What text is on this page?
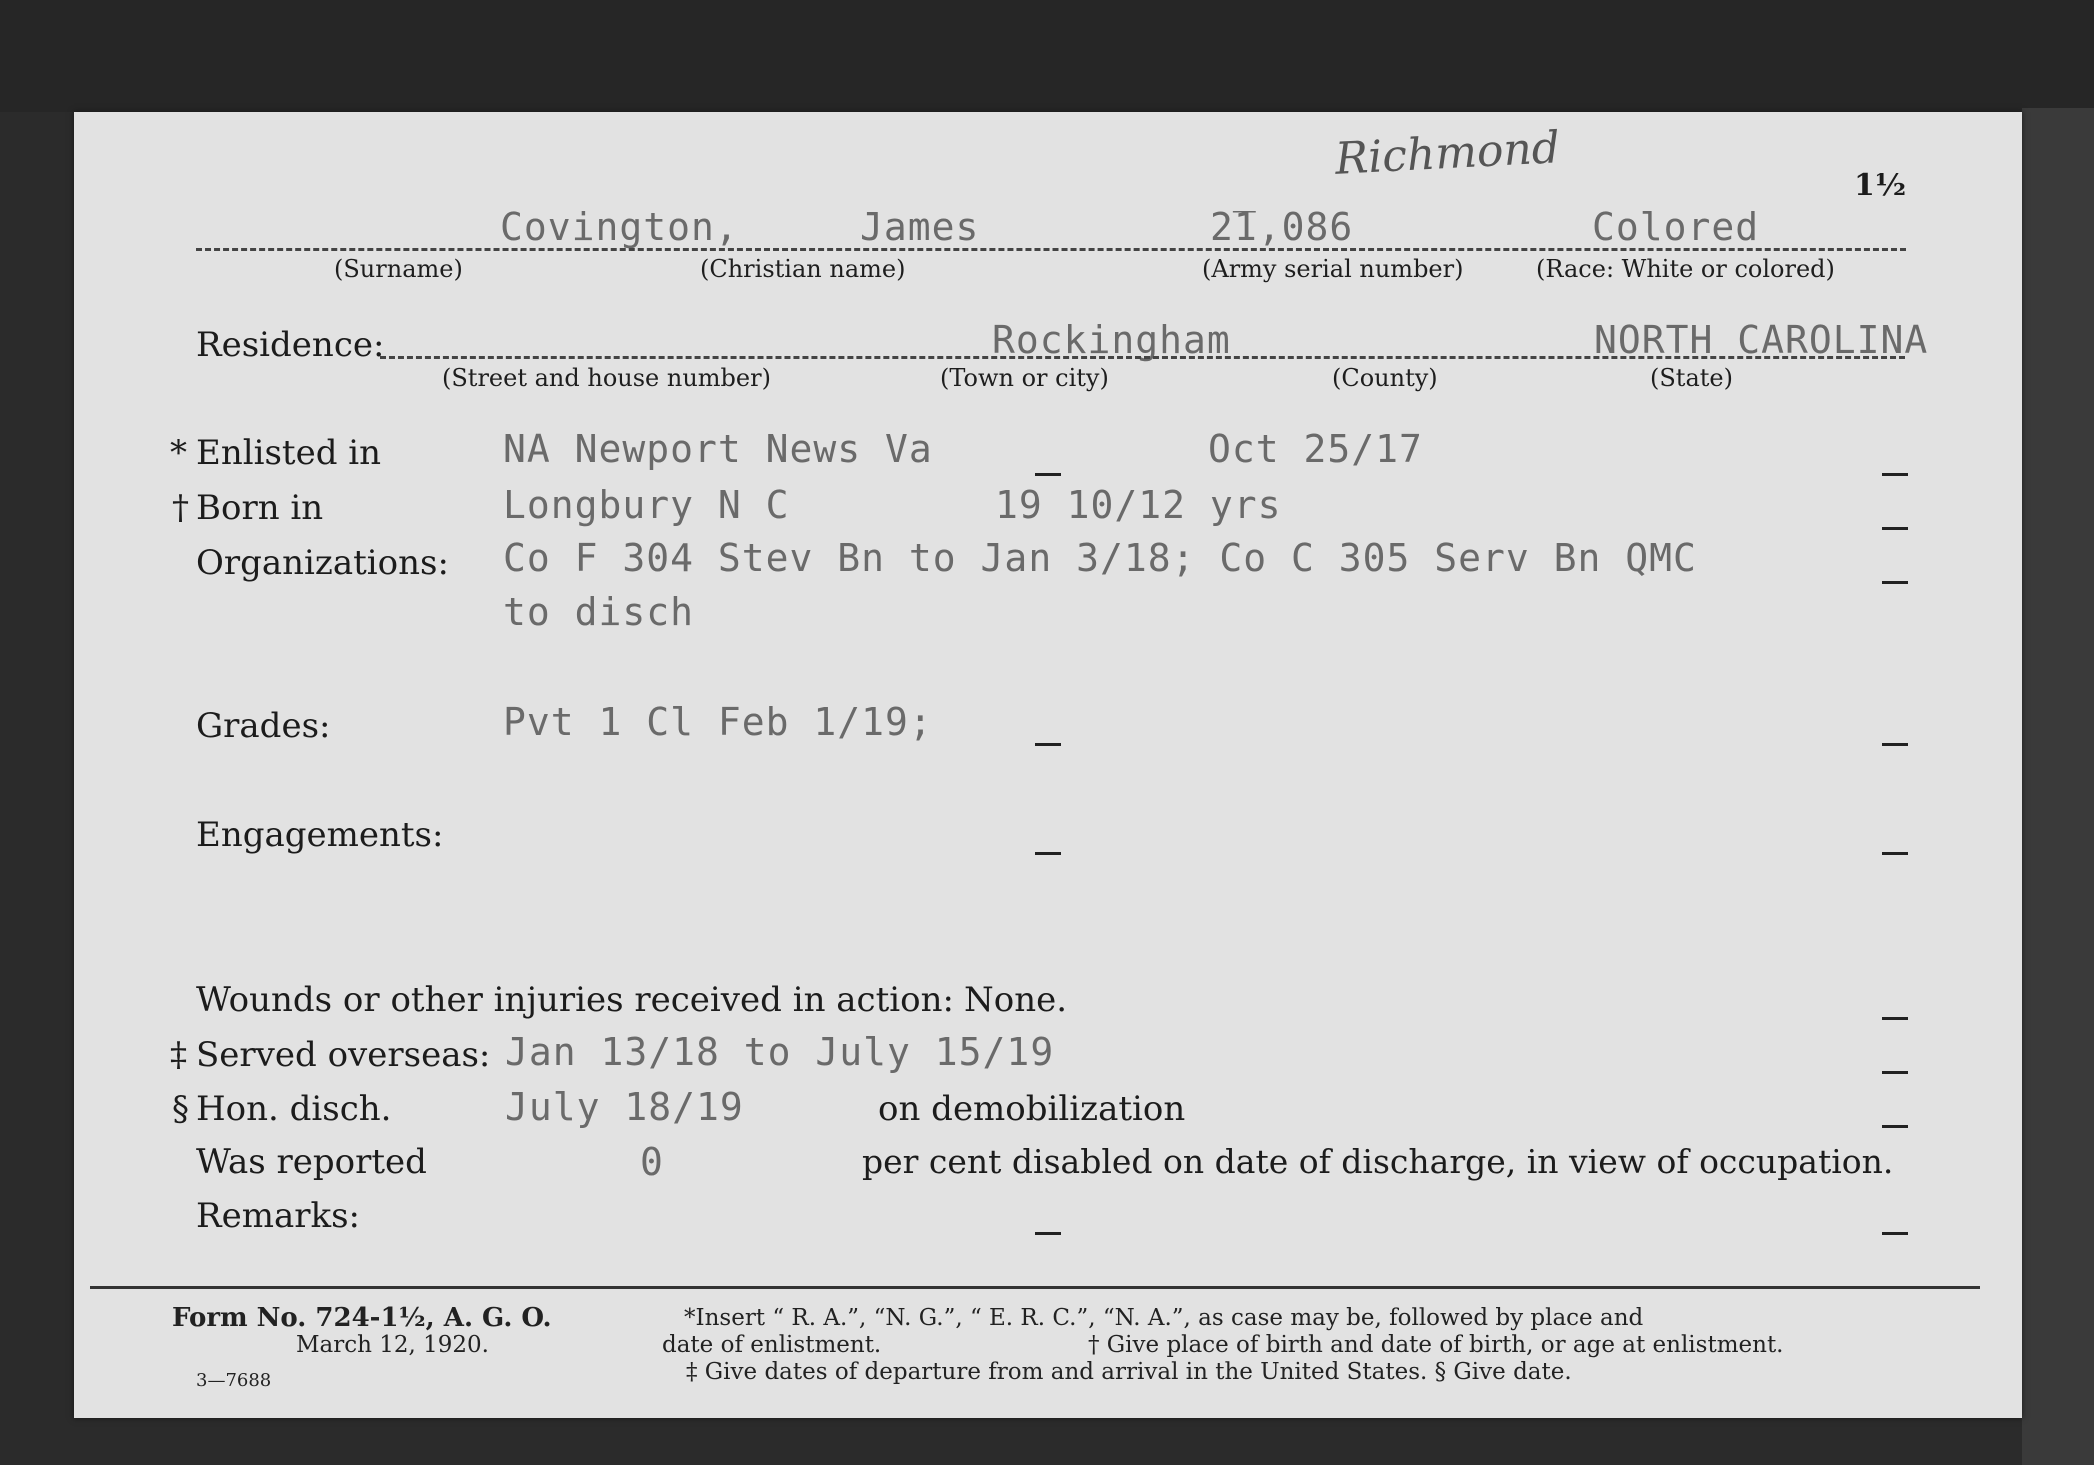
Richmond
1½
Covington,	James	2̅1,086	Colored
(Surname)	(Christian name)	(Army serial number)	(Race: White or colored)
Residence:	Rockingham	NORTH CAROLINA
(Street and house number)	(Town or city)	(County)	(State)
* Enlisted in	NA Newport News Va	Oct 25/17
† Born in	Longbury N C	19 10/12 yrs
Organizations: Co F 304 Stev Bn to Jan 3/18; Co C 305 Serv Bn QMC
to disch
Grades:	Pvt 1 Cl Feb 1/19;
Engagements:
Wounds or other injuries received in action: None.
‡ Served overseas: Jan 13/18 to July 15/19
§ Hon. disch.	July 18/19	on demobilization
Was reported	0	per cent disabled on date of discharge, in view of occupation.
Remarks:
Form No. 724-1½, A. G. O.
March 12, 1920.
3—7688
*Insert “ R. A.”, “N. G.”, “ E. R. C.”, “N. A.”, as case may be, followed by place and
date of enlistment.	† Give place of birth and date of birth, or age at enlistment.
‡ Give dates of departure from and arrival in the United States. § Give date.
